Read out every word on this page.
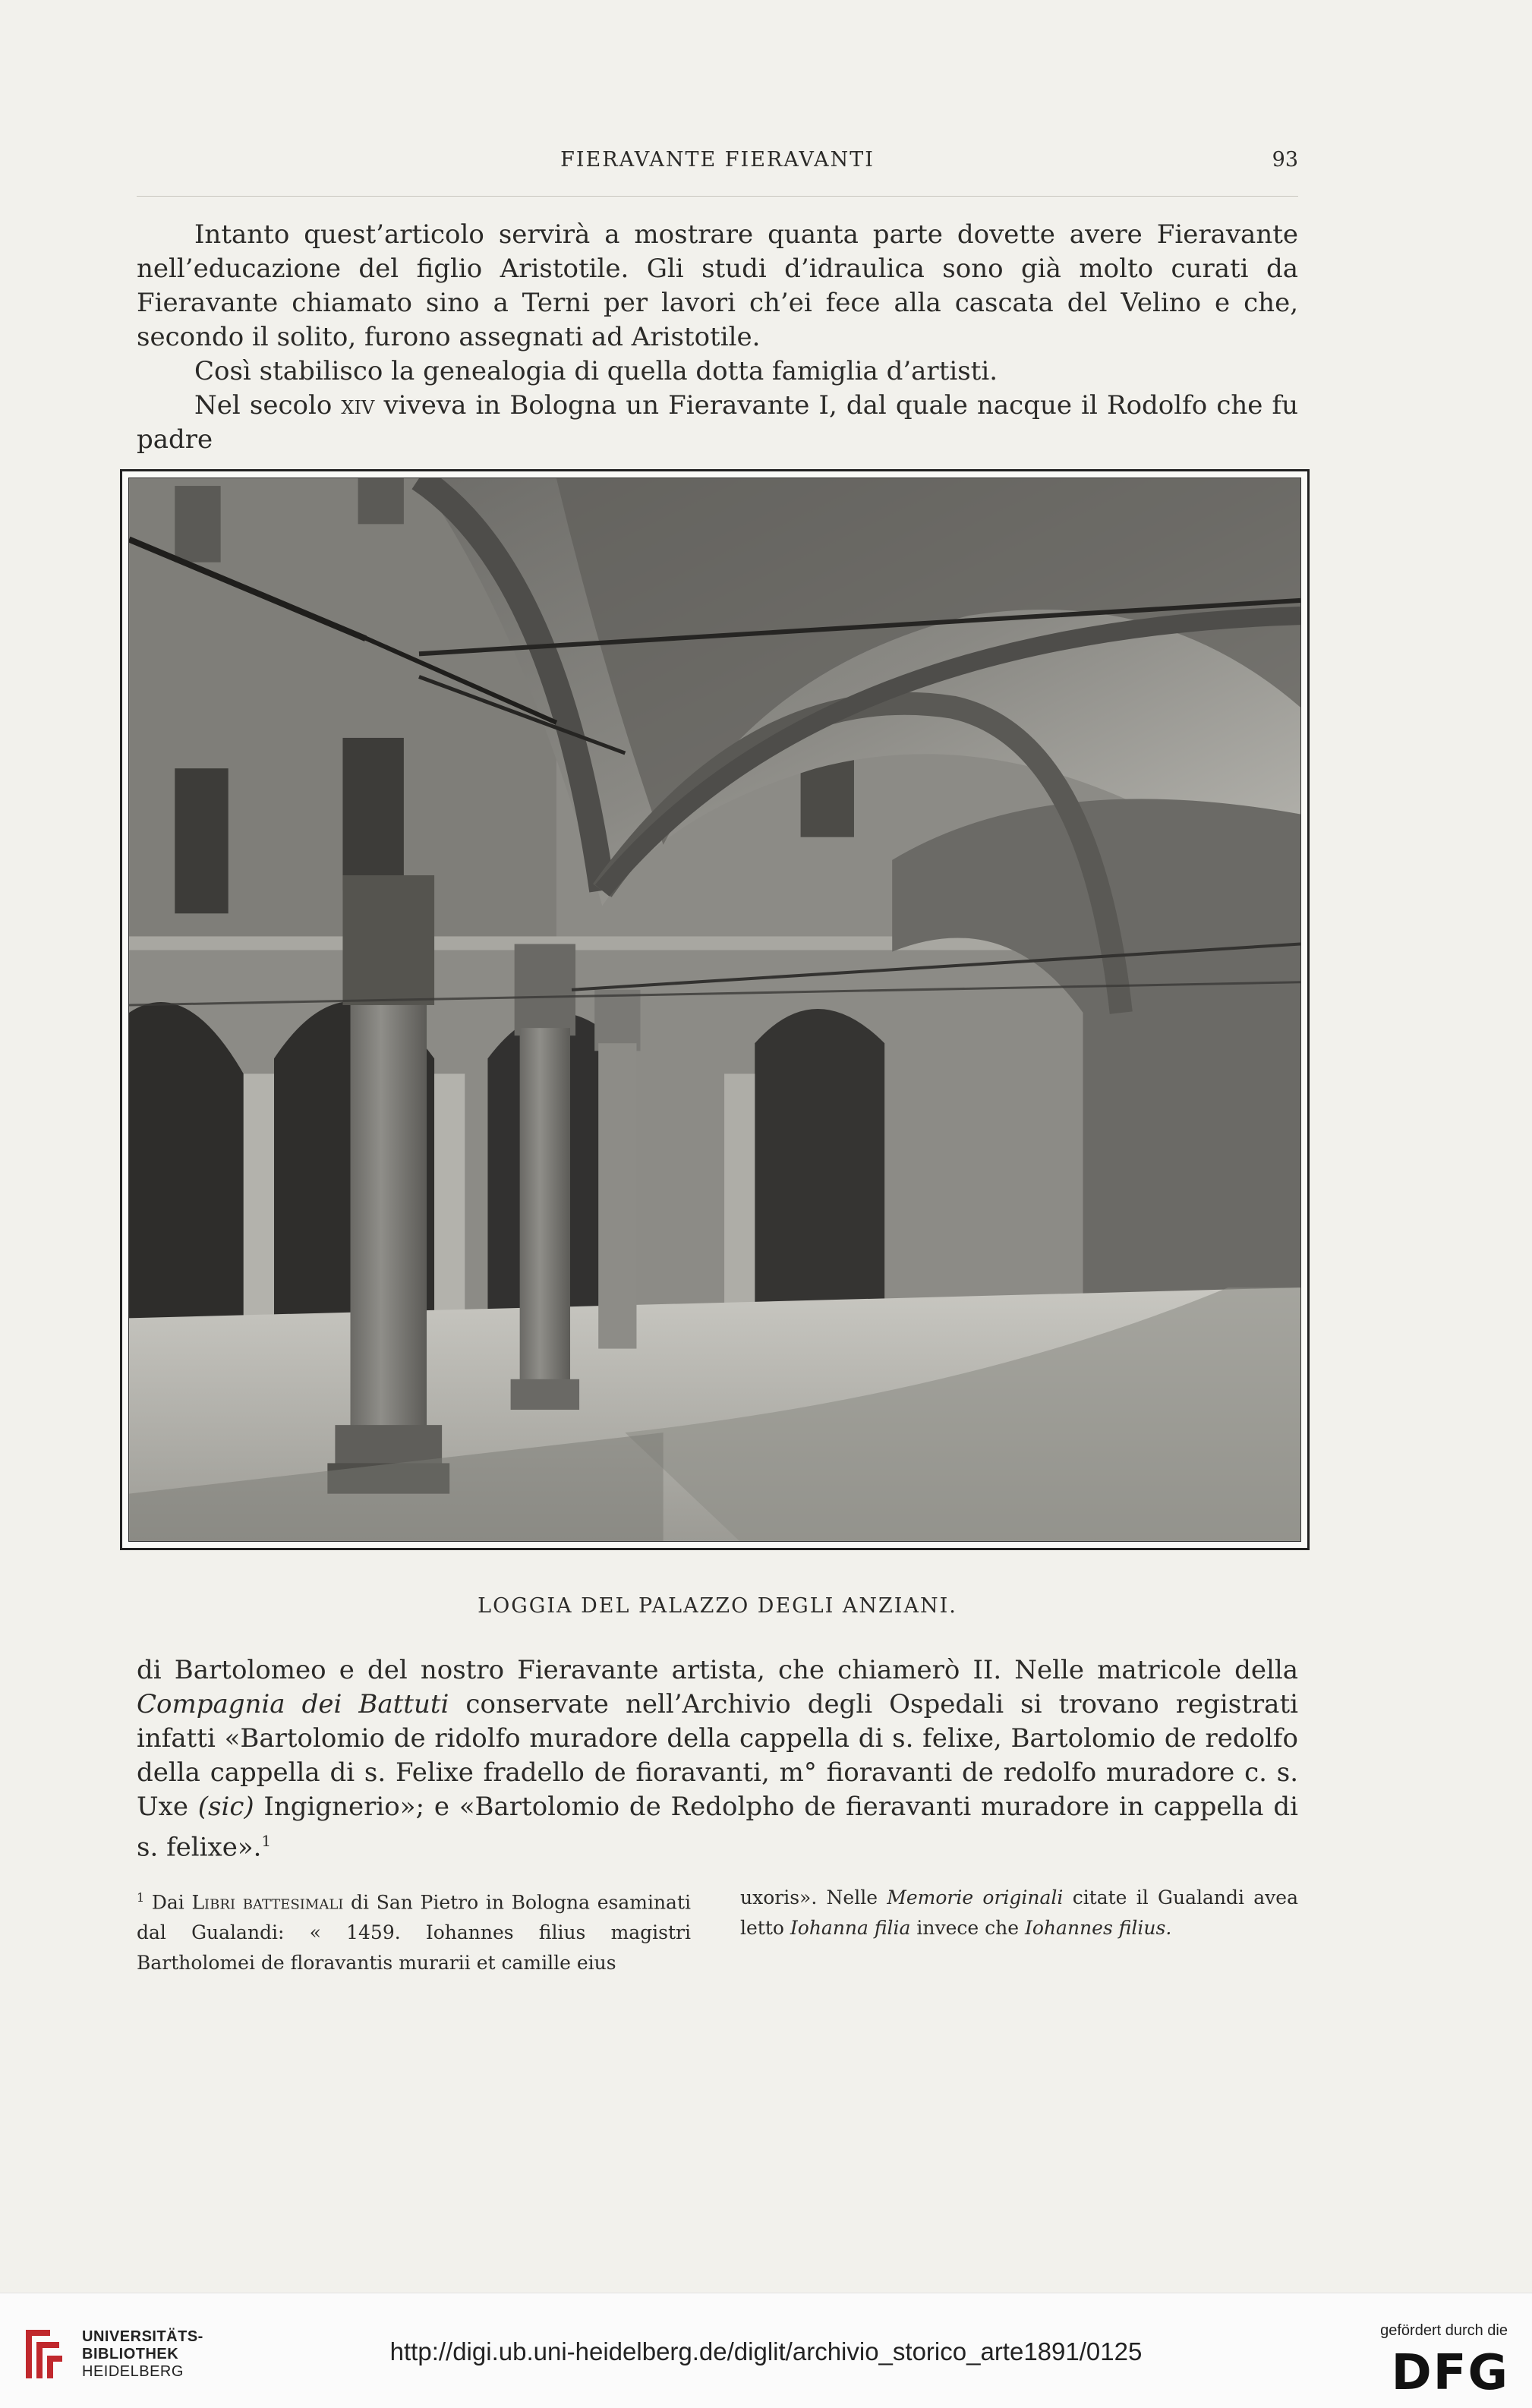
FIERAVANTE FIERAVANTI	93

Intanto quest’articolo servirà a mostrare quanta parte dovette avere Fieravante nell’educazione del figlio Aristotile. Gli studi d’idraulica sono già molto curati da Fieravante chiamato sino a Terni per lavori ch’ei fece alla cascata del Velino e che, secondo il solito, furono assegnati ad Aristotile.

Così stabilisco la genealogia di quella dotta famiglia d’artisti.

Nel secolo xiv viveva in Bologna un Fieravante I, dal quale nacque il Rodolfo che fu padre

LOGGIA DEL PALAZZO DEGLI ANZIANI.

di Bartolomeo e del nostro Fieravante artista, che chiamerò II. Nelle matricole della Compagnia dei Battuti conservate nell’Archivio degli Ospedali si trovano registrati infatti «Bartolomio de ridolfo muradore della cappella di s. felixe, Bartolomio de redolfo della cappella di s. Felixe fradello de fioravanti, m° fioravanti de redolfo muradore c. s. Uxe (sic) Ingignerio»; e «Bartolomio de Redolpho de fieravanti muradore in cappella di s. felixe».$^1$

$^1$ Dai Libri battesimali di San Pietro in Bologna esaminati dal Gualandi: « 1459. Iohannes filius magistri Bartholomei de floravantis murarii et camille eius
uxoris». Nelle Memorie originali citate il Gualandi avea letto Iohanna filia invece che Iohannes filius.
UNIVERSITÄTS-
BIBLIOTHEK
HEIDELBERG
http://digi.ub.uni-heidelberg.de/diglit/archivio_storico_arte1891/0125
gefördert durch die
DFG
